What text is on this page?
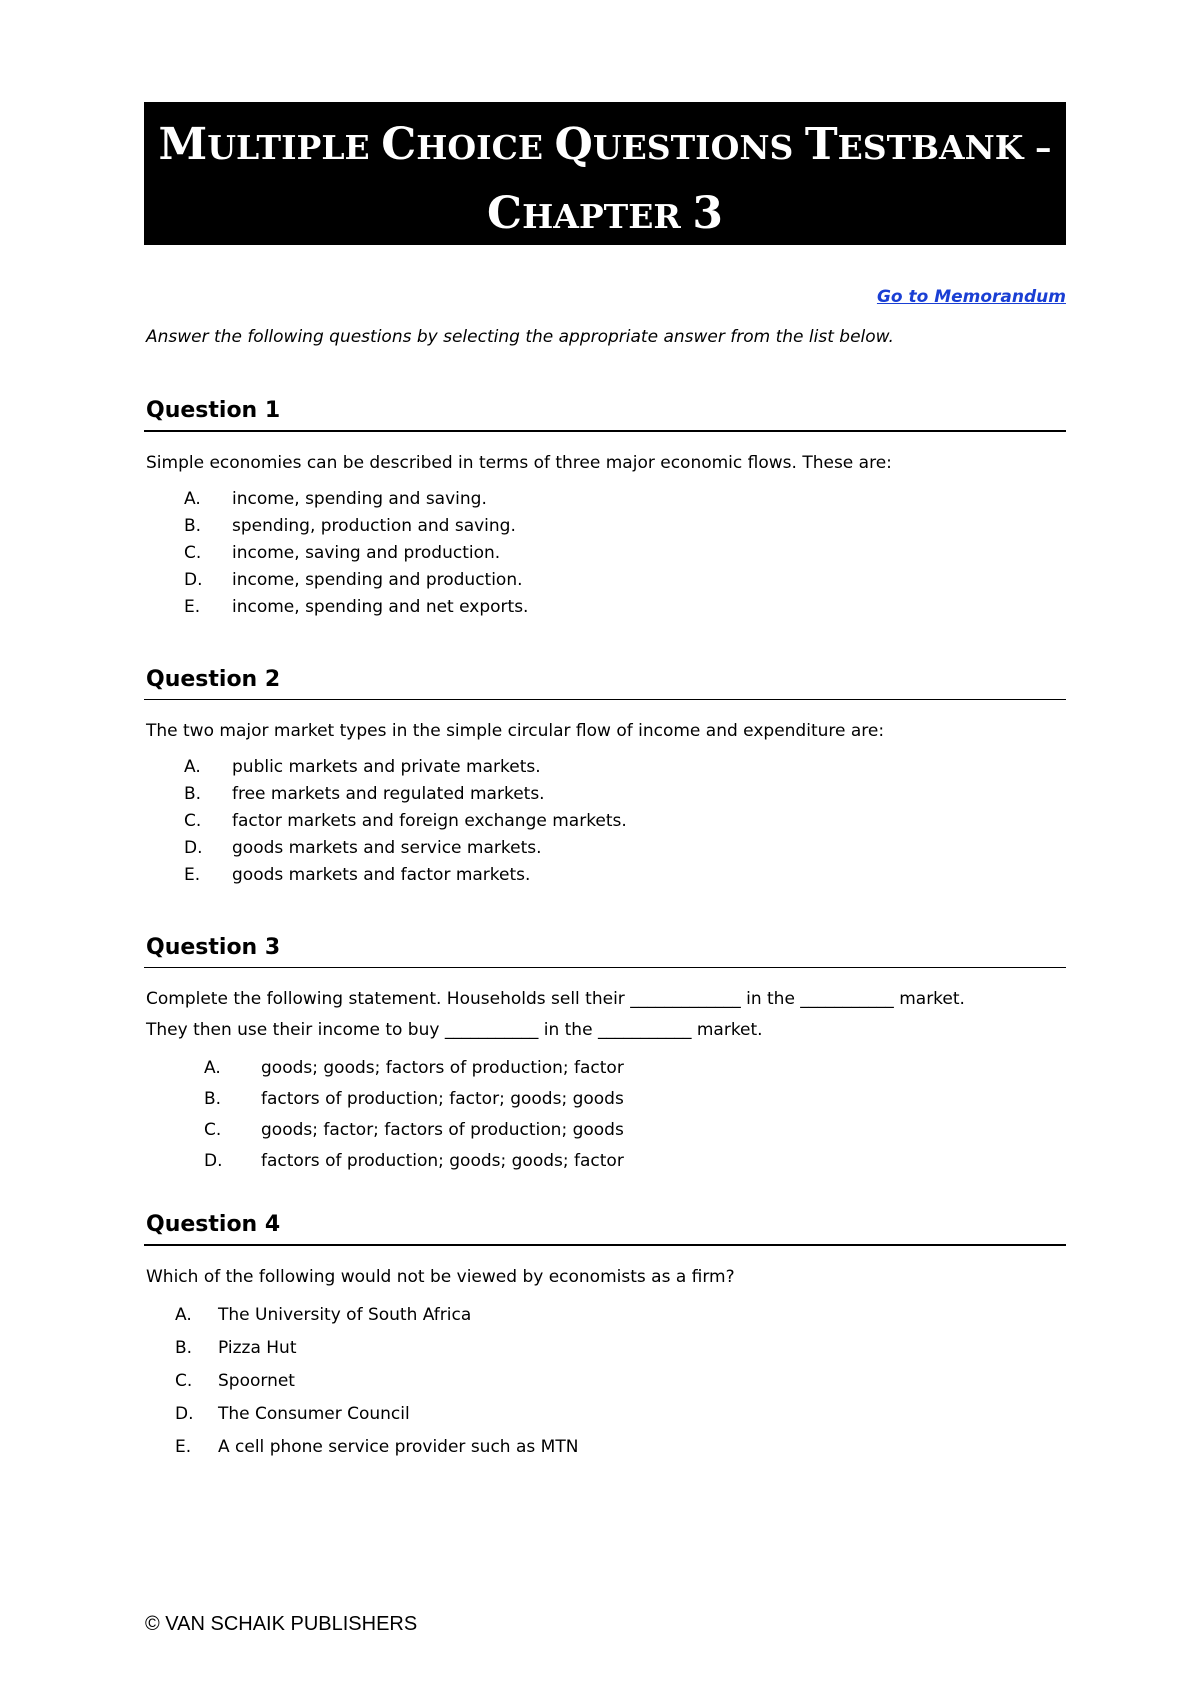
MULTIPLE CHOICE QUESTIONS TESTBANK –
CHAPTER 3
Go to Memorandum
Answer the following questions by selecting the appropriate answer from the list below.
Question 1
Simple economies can be described in terms of three major economic flows. These are:
A. income, spending and saving.
B. spending, production and saving.
C. income, saving and production.
D. income, spending and production.
E. income, spending and net exports.
Question 2
The two major market types in the simple circular flow of income and expenditure are:
A. public markets and private markets.
B. free markets and regulated markets.
C. factor markets and foreign exchange markets.
D. goods markets and service markets.
E. goods markets and factor markets.
Question 3
Complete the following statement. Households sell their _____________ in the ___________ market.
They then use their income to buy ___________ in the ___________ market.
A. goods; goods; factors of production; factor
B. factors of production; factor; goods; goods
C. goods; factor; factors of production; goods
D. factors of production; goods; goods; factor
Question 4
Which of the following would not be viewed by economists as a firm?
A. The University of South Africa
B. Pizza Hut
C. Spoornet
D. The Consumer Council
E. A cell phone service provider such as MTN
© VAN SCHAIK PUBLISHERS
